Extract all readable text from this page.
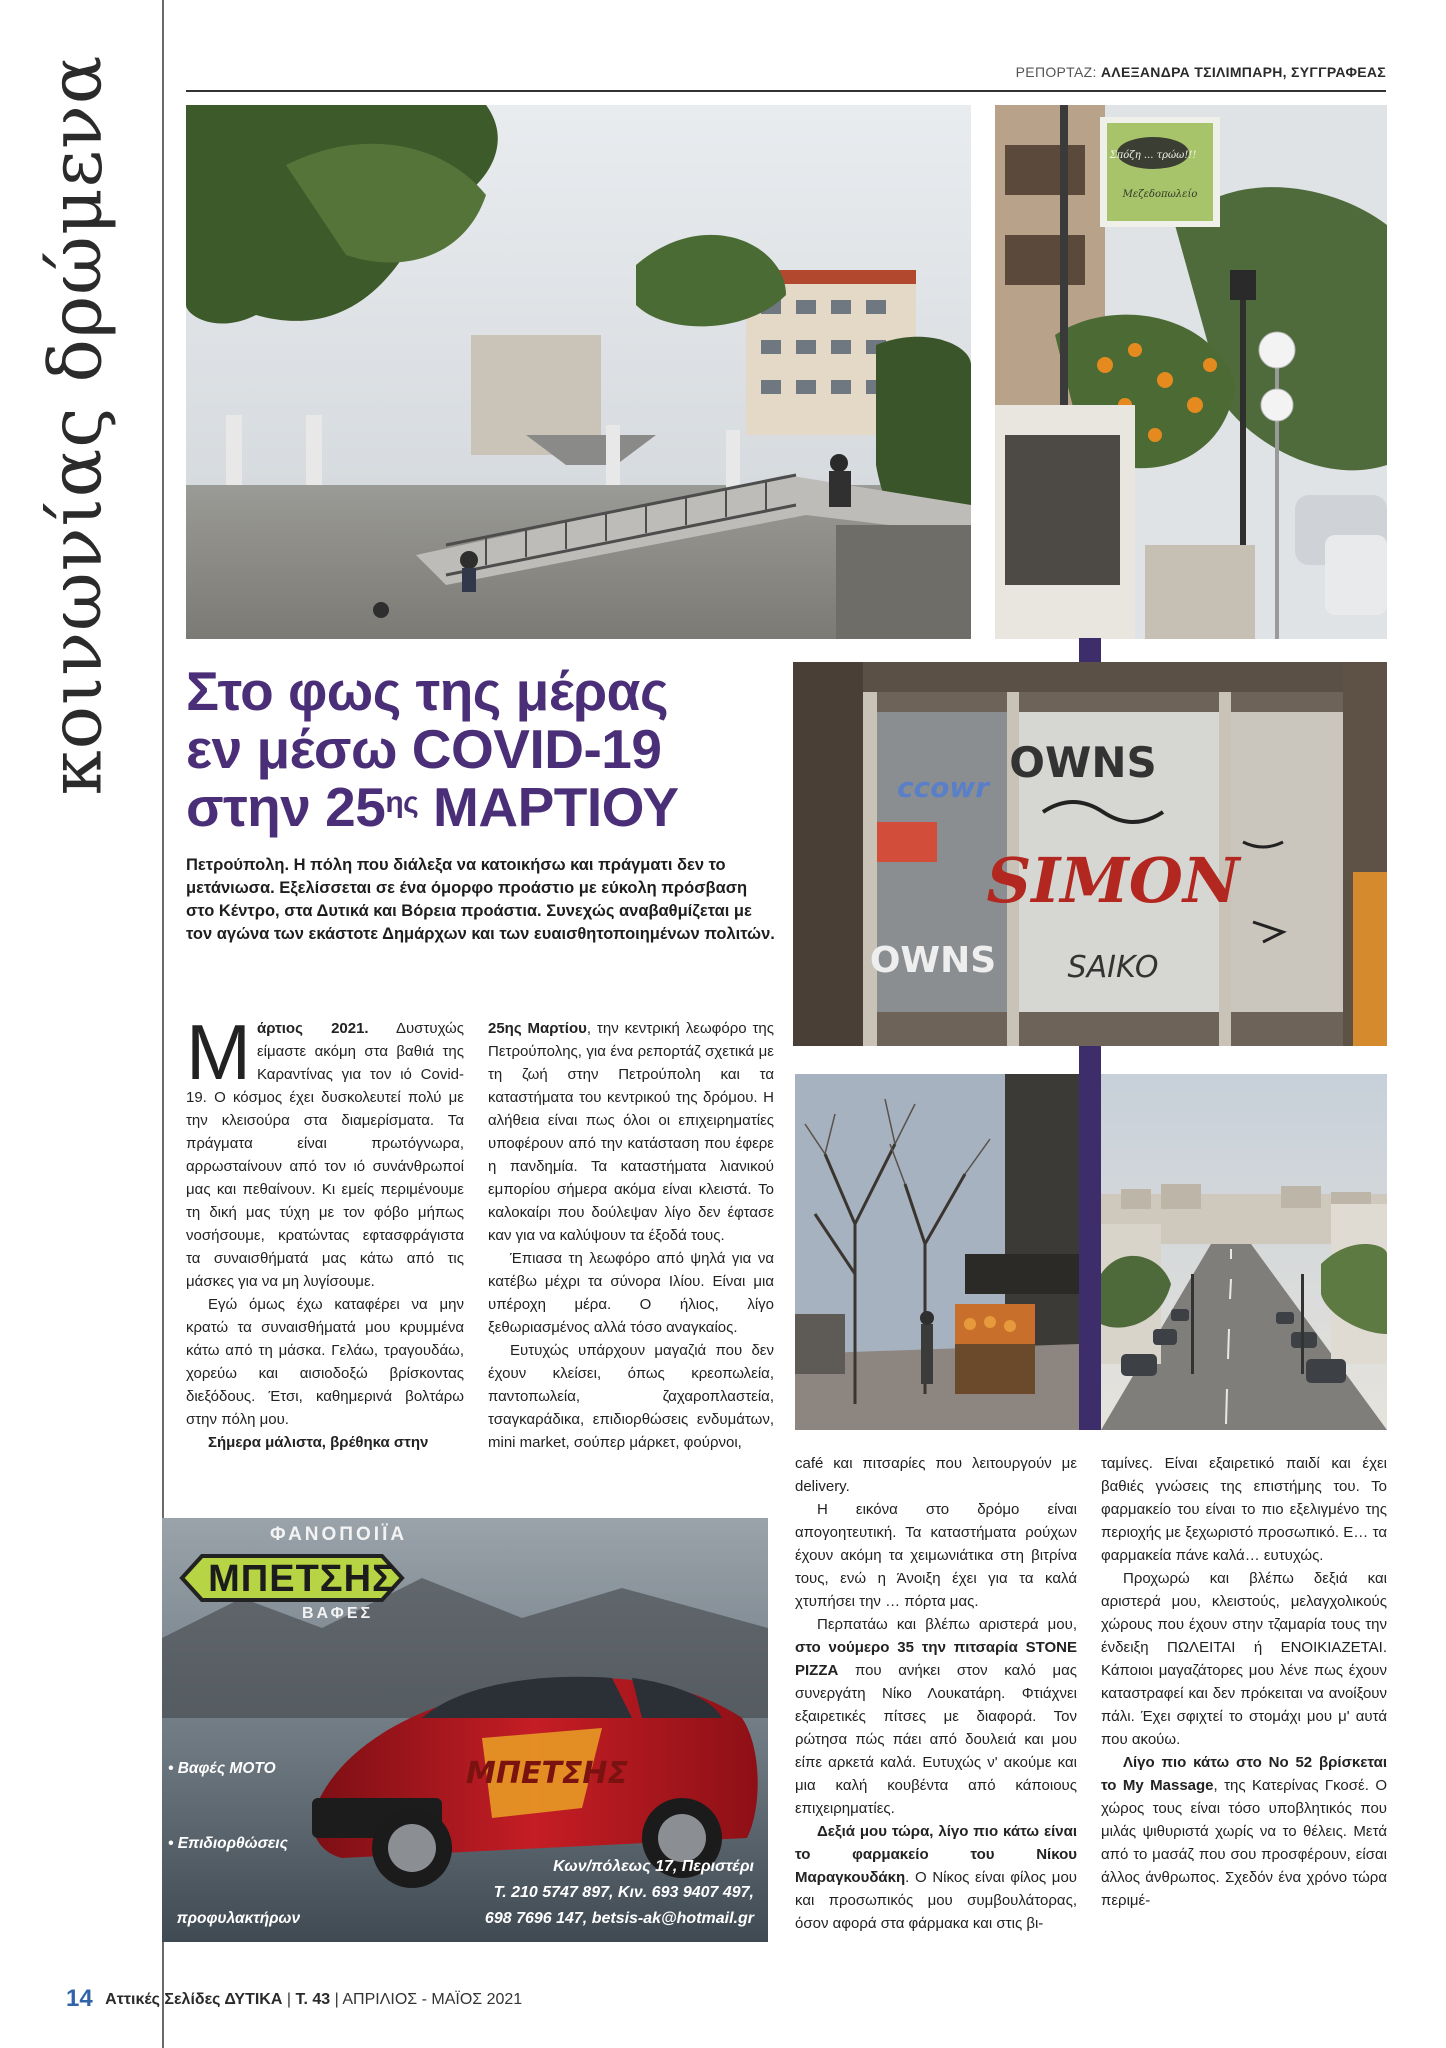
κοινωνίας δρώμενα	ΡΕΠΟΡΤΑΖ: ΑΛΕΞΑΝΔΡΑ ΤΣΙΛΙΜΠΑΡΗ, ΣΥΓΓΡΑΦΕΑΣ
Σπόζη ... τρώω!!!
Μεζεδοπωλείο
ccowr
OWNS
SIMON
SAIKO
OWNS
Στο φως της μέρας
εν μέσω COVID-19
στην $25^{\eta\varsigma}$ ΜΑΡΤΙΟΥ
Πετρούπολη. Η πόλη που διάλεξα να κατοικήσω και πράγματι δεν το μετάνιωσα. Εξελίσσεται σε ένα όμορφο προάστιο με εύκολη πρόσβαση στο Κέντρο, στα Δυτικά και Βόρεια προάστια. Συνεχώς αναβαθμίζεται με τον αγώνα των εκάστοτε Δημάρχων και των ευαισθητοποιημένων πολιτών.

Μάρτιος 2021. Δυστυχώς είμαστε ακόμη στα βαθιά της Καραντίνας για τον ιό Covid-19. Ο κόσμος έχει δυσκολευτεί πολύ με την κλεισούρα στα διαμερίσματα. Τα πράγματα είναι πρωτόγνωρα, αρρωσταίνουν από τον ιό συνάνθρωποί μας και πεθαίνουν. Κι εμείς περιμένουμε τη δική μας τύχη με τον φόβο μήπως νοσήσουμε, κρατώντας εφτασφράγιστα τα συναισθήματά μας κάτω από τις μάσκες για να μη λυγίσουμε.

Εγώ όμως έχω καταφέρει να μην κρατώ τα συναισθήματά μου κρυμμένα κάτω από τη μάσκα. Γελάω, τραγουδάω, χορεύω και αισιοδοξώ βρίσκοντας διεξόδους. Έτσι, καθημερινά βολτάρω στην πόλη μου.

Σήμερα μάλιστα, βρέθηκα στην

25ης Μαρτίου, την κεντρική λεωφόρο της Πετρούπολης, για ένα ρεπορτάζ σχετικά με τη ζωή στην Πετρούπολη και τα καταστήματα του κεντρικού της δρόμου. Η αλήθεια είναι πως όλοι οι επιχειρηματίες υποφέρουν από την κατάσταση που έφερε η πανδημία. Τα καταστήματα λιανικού εμπορίου σήμερα ακόμα είναι κλειστά. Το καλοκαίρι που δούλεψαν λίγο δεν έφτασε καν για να καλύψουν τα έξοδά τους.

Έπιασα τη λεωφόρο από ψηλά για να κατέβω μέχρι τα σύνορα Ιλίου. Είναι μια υπέροχη μέρα. Ο ήλιος, λίγο ξεθωριασμένος αλλά τόσο αναγκαίος.

Ευτυχώς υπάρχουν μαγαζιά που δεν έχουν κλείσει, όπως κρεοπωλεία, παντοπωλεία, ζαχαροπλαστεία, τσαγκαράδικα, επιδιορθώσεις ενδυμάτων, mini market, σούπερ μάρκετ, φούρνοι,

café και πιτσαρίες που λειτουργούν με delivery.

Η εικόνα στο δρόμο είναι απογοητευτική. Τα καταστήματα ρούχων έχουν ακόμη τα χειμωνιάτικα στη βιτρίνα τους, ενώ η Άνοιξη έχει για τα καλά χτυπήσει την … πόρτα μας.

Περπατάω και βλέπω αριστερά μου, στο νούμερο 35 την πιτσαρία STONE PIZZA που ανήκει στον καλό μας συνεργάτη Νίκο Λουκατάρη. Φτιάχνει εξαιρετικές πίτσες με διαφορά. Τον ρώτησα πώς πάει από δουλειά και μου είπε αρκετά καλά. Ευτυχώς ν' ακούμε και μια καλή κουβέντα από κάποιους επιχειρηματίες.

Δεξιά μου τώρα, λίγο πιο κάτω είναι το φαρμακείο του Νίκου Μαραγκουδάκη. Ο Νίκος είναι φίλος μου και προσωπικός μου συμβουλάτορας, όσον αφορά στα φάρμακα και στις βι-

ταμίνες. Είναι εξαιρετικό παιδί και έχει βαθιές γνώσεις της επιστήμης του. Το φαρμακείο του είναι το πιο εξελιγμένο της περιοχής με ξεχωριστό προσωπικό. Ε… τα φαρμακεία πάνε καλά… ευτυχώς.

Προχωρώ και βλέπω δεξιά και αριστερά μου, κλειστούς, μελαγχολικούς χώρους που έχουν στην τζαμαρία τους την ένδειξη ΠΩΛΕΙΤΑΙ ή ΕΝΟΙΚΙΑΖΕΤΑΙ. Κάποιοι μαγαζάτορες μου λένε πως έχουν καταστραφεί και δεν πρόκειται να ανοίξουν πάλι. Έχει σφιχτεί το στομάχι μου μ' αυτά που ακούω.

Λίγο πιο κάτω στο Νο 52 βρίσκεται το My Massage, της Κατερίνας Γκοσέ. Ο χώρος τους είναι τόσο υποβλητικός που μιλάς ψιθυριστά χωρίς να το θέλεις. Μετά από το μασάζ που σου προσφέρουν, είσαι άλλος άνθρωπος. Σχεδόν ένα χρόνο τώρα περιμέ-

ΜΠΕΤΣΗΣ
ΦΑΝΟΠΟΙΪΑ
ΜΠΕΤΣΗΣ
ΒΑΦΕΣ

• Βαφές ΜΟΤΟ

• Επιδιορθώσεις

προφυλακτήρων

Κων/πόλεως 17, Περιστέρι
Τ. 210 5747 897, Κιν. 693 9407 497,
698 7696 147, betsis-ak@hotmail.gr
14 Αττικές Σελίδες ΔΥΤΙΚΑ | Τ. 43 | ΑΠΡΙΛΙΟΣ - ΜΑΪΟΣ 2021
